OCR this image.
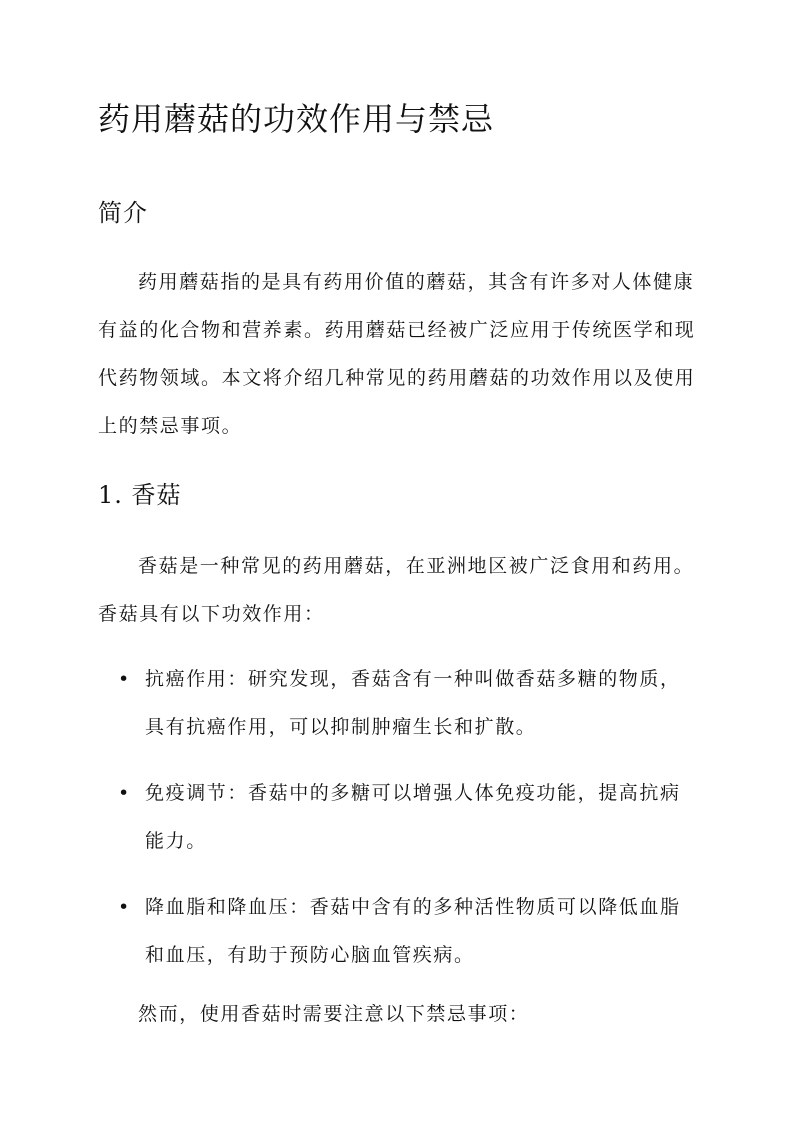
药用蘑菇的功效作用与禁忌
简介

药用蘑菇指的是具有药用价值的蘑菇，其含有许多对人体健康有益的化合物和营养素。药用蘑菇已经被广泛应用于传统医学和现代药物领域。本文将介绍几种常见的药用蘑菇的功效作用以及使用上的禁忌事项。

1. 香菇

香菇是一种常见的药用蘑菇，在亚洲地区被广泛食用和药用。香菇具有以下功效作用：

• 抗癌作用：研究发现，香菇含有一种叫做香菇多糖的物质，具有抗癌作用，可以抑制肿瘤生长和扩散。
• 免疫调节：香菇中的多糖可以增强人体免疫功能，提高抗病能力。
• 降血脂和降血压：香菇中含有的多种活性物质可以降低血脂和血压，有助于预防心脑血管疾病。

然而，使用香菇时需要注意以下禁忌事项：
